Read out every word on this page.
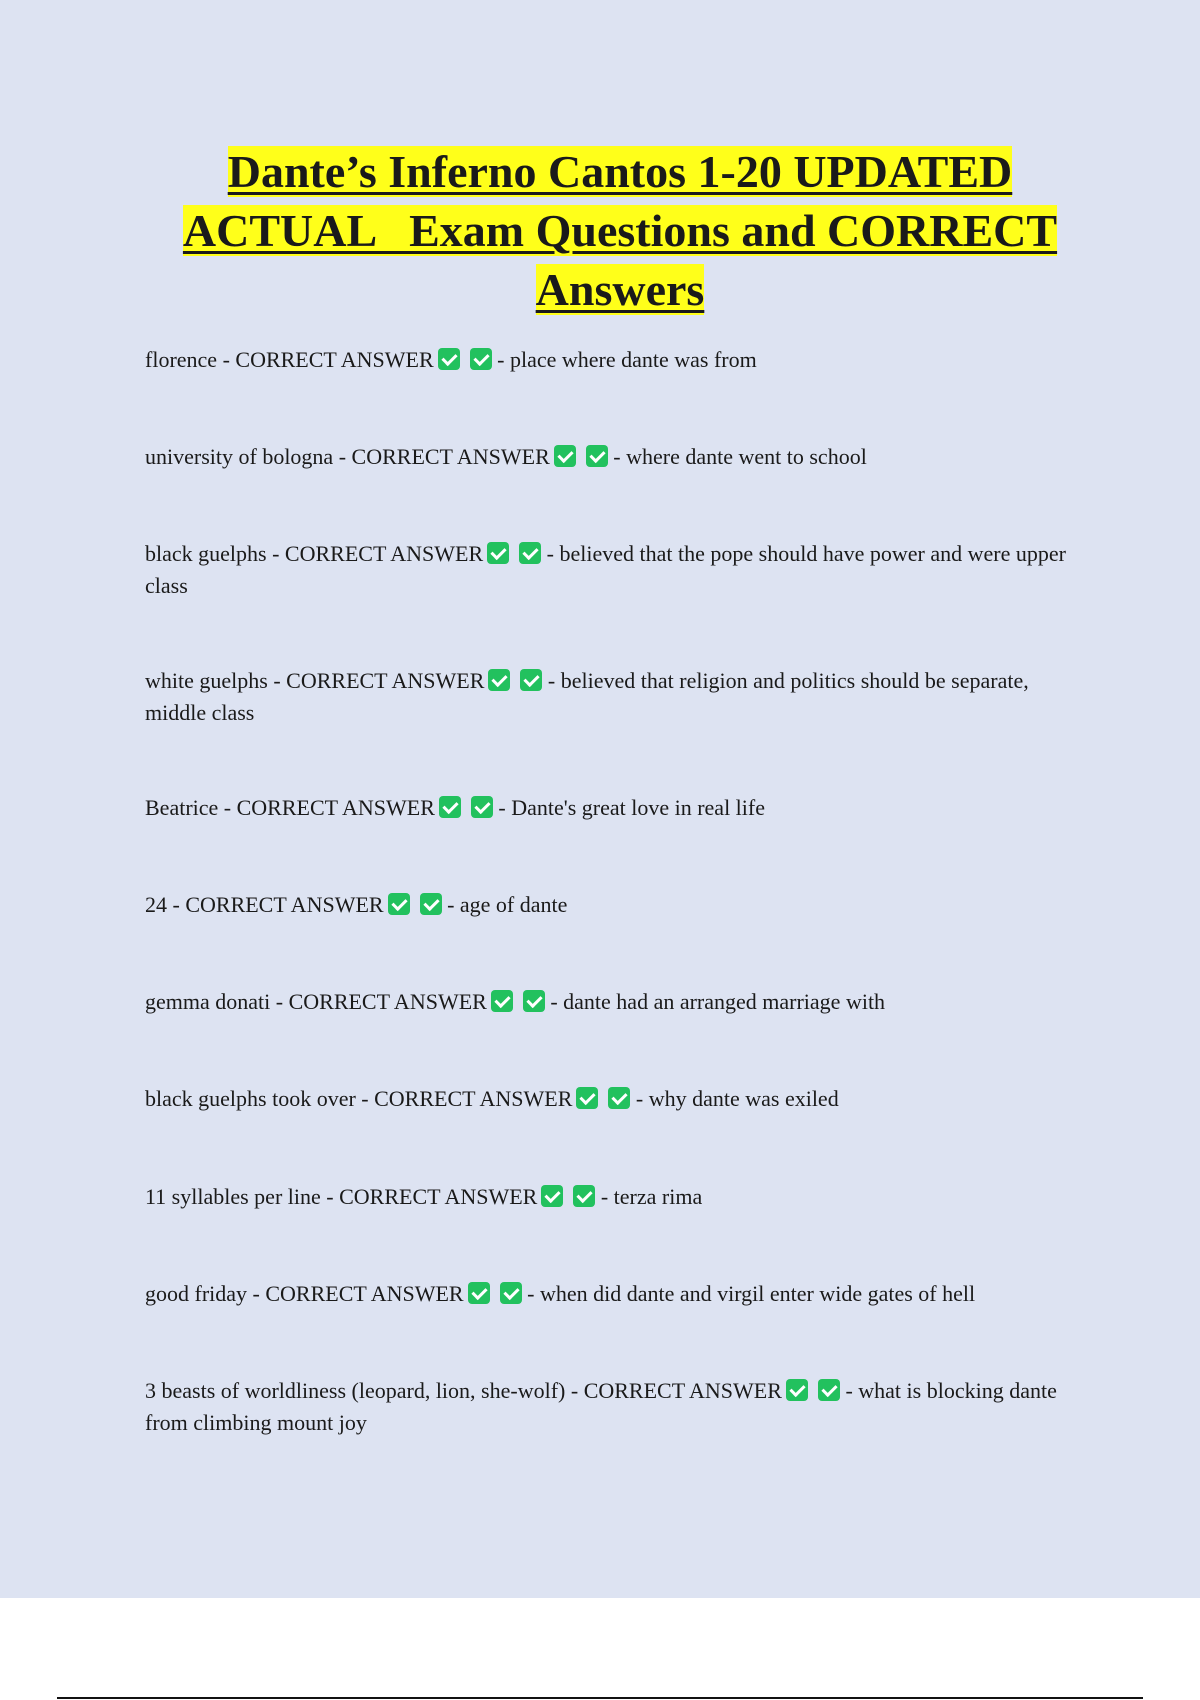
Dante’s Inferno Cantos 1-20 UPDATED
ACTUAL   Exam Questions and CORRECT
Answers
florence - CORRECT ANSWER	- place where dante was from
university of bologna - CORRECT ANSWER	- where dante went to school
black guelphs - CORRECT ANSWER	- believed that the pope should have power and were upper class
white guelphs - CORRECT ANSWER	- believed that religion and politics should be separate, middle class
Beatrice - CORRECT ANSWER	- Dante's great love in real life
24 - CORRECT ANSWER	- age of dante
gemma donati - CORRECT ANSWER	- dante had an arranged marriage with
black guelphs took over - CORRECT ANSWER	- why dante was exiled
11 syllables per line - CORRECT ANSWER	- terza rima
good friday - CORRECT ANSWER	- when did dante and virgil enter wide gates of hell
3 beasts of worldliness (leopard, lion, she-wolf) - CORRECT ANSWER	- what is blocking dante from climbing mount joy
